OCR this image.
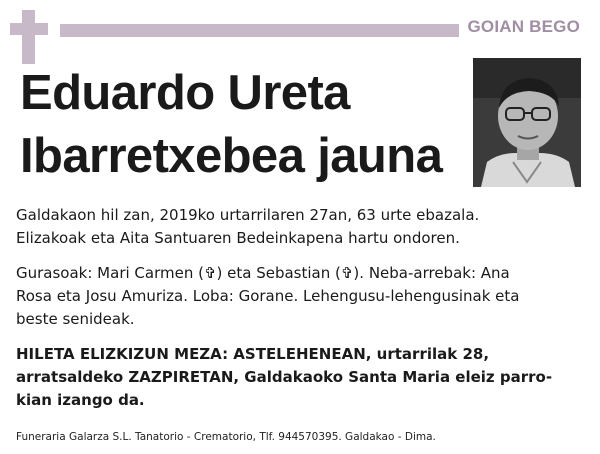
GOIAN BEGO
Eduardo Ureta
Ibarretxebea jauna
Galdakaon hil zan, 2019ko urtarrilaren 27an, 63 urte ebazala.
Elizakoak eta Aita Santuaren Bedeinkapena hartu ondoren.
Gurasoak: Mari Carmen (✞) eta Sebastian (✞). Neba-arrebak: Ana
Rosa eta Josu Amuriza. Loba: Gorane. Lehengusu-lehengusinak eta
beste senideak.
HILETA ELIZKIZUN MEZA: ASTELEHENEAN, urtarrilak 28,
arratsaldeko ZAZPIRETAN, Galdakaoko Santa Maria eleiz parro-
kian izango da.
Funeraria Galarza S.L. Tanatorio - Crematorio, Tlf. 944570395. Galdakao - Dima.
